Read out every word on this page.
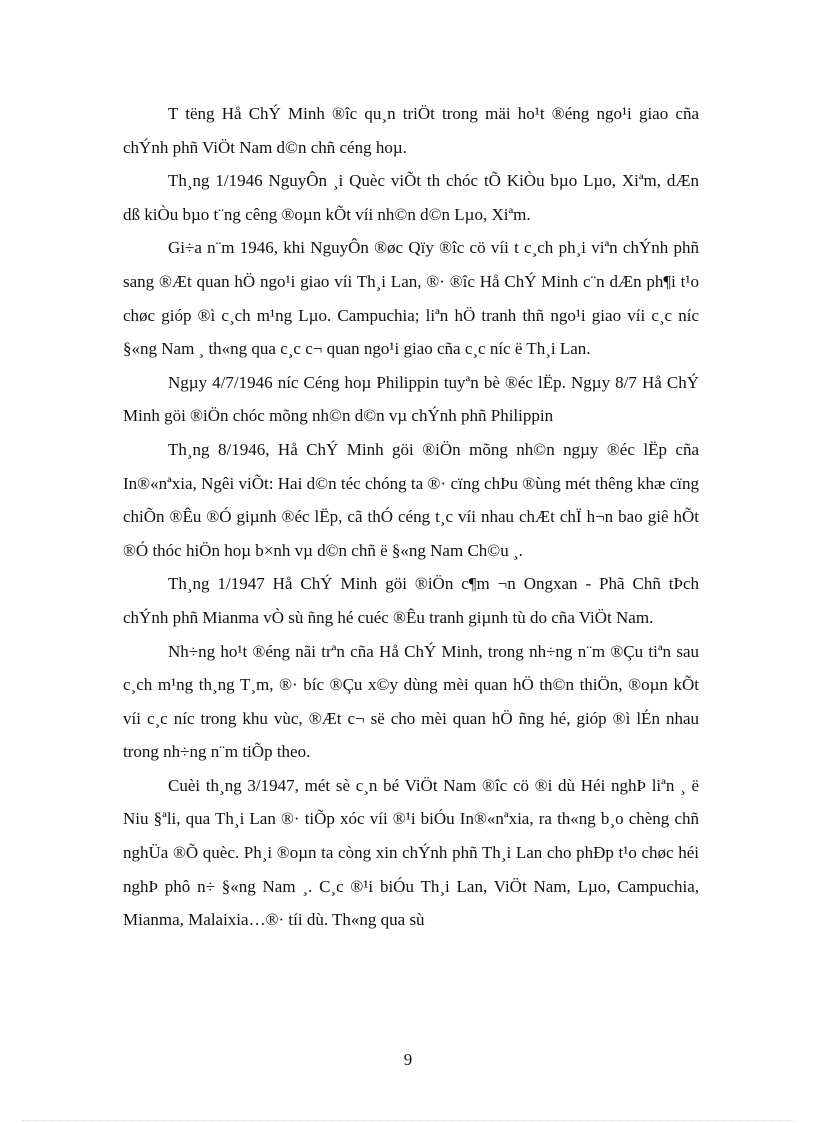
T tëng Hå ChÝ Minh ®îc qu¸n triÖt trong mäi ho¹t ®éng ngo¹i giao cña chÝnh phñ ViÖt Nam d©n chñ céng hoµ.

Th¸ng 1/1946 NguyÔn ¸i Quèc viÕt th chóc tÕ KiÒu bµo Lµo, Xiªm, dÆn dß kiÒu bµo t¨ng cêng ®oµn kÕt víi nh©n d©n Lµo, Xiªm.

Gi÷a n¨m 1946, khi NguyÔn ®øc Qïy ®îc cö víi t c¸ch ph¸i viªn chÝnh phñ sang ®Æt quan hÖ ngo¹i giao víi Th¸i Lan, ®· ®îc Hå ChÝ Minh c¨n dÆn ph¶i t¹o chøc gióp ®ì c¸ch m¹ng Lµo. Campuchia; liªn hÖ tranh thñ ngo¹i giao víi c¸c níc §«ng Nam ¸ th«ng qua c¸c c¬ quan ngo¹i giao cña c¸c níc ë Th¸i Lan.

Ngµy 4/7/1946 níc Céng hoµ Philippin tuyªn bè ®éc lËp. Ngµy 8/7 Hå ChÝ Minh göi ®iÖn chóc mõng nh©n d©n vµ chÝnh phñ Philippin

Th¸ng 8/1946, Hå ChÝ Minh göi ®iÖn mõng nh©n ngµy ®éc lËp cña In®«nªxia, Ngêi viÕt: Hai d©n téc chóng ta ®· cïng chÞu ®ùng mét thêng khæ cïng chiÕn ®Êu ®Ó giµnh ®éc lËp, cã thÓ céng t¸c víi nhau chÆt chÏ h¬n bao giê hÕt ®Ó thóc hiÖn hoµ b×nh vµ d©n chñ ë §«ng Nam Ch©u ¸.

Th¸ng 1/1947 Hå ChÝ Minh göi ®iÖn c¶m ¬n Ongxan - Phã Chñ tÞch chÝnh phñ Mianma vÒ sù ñng hé cuéc ®Êu tranh giµnh tù do cña ViÖt Nam.

Nh÷ng ho¹t ®éng nãi trªn cña Hå ChÝ Minh, trong nh÷ng n¨m ®Çu tiªn sau c¸ch m¹ng th¸ng T¸m, ®· bíc ®Çu x©y dùng mèi quan hÖ th©n thiÖn, ®oµn kÕt víi c¸c níc trong khu vùc, ®Æt c¬ së cho mèi quan hÖ ñng hé, gióp ®ì lÉn nhau trong nh÷ng n¨m tiÕp theo.

Cuèi th¸ng 3/1947, mét sè c¸n bé ViÖt Nam ®îc cö ®i dù Héi nghÞ liªn ¸ ë Niu §ªli, qua Th¸i Lan ®· tiÕp xóc víi ®¹i biÓu In®«nªxia, ra th«ng b¸o chèng chñ nghÜa ®Õ quèc. Ph¸i ®oµn ta còng xin chÝnh phñ Th¸i Lan cho phÐp t¹o chøc héi nghÞ phô n÷ §«ng Nam ¸. C¸c ®¹i biÓu Th¸i Lan, ViÖt Nam, Lµo, Campuchia, Mianma, Malaixia…®· tíi dù. Th«ng qua sù

9
